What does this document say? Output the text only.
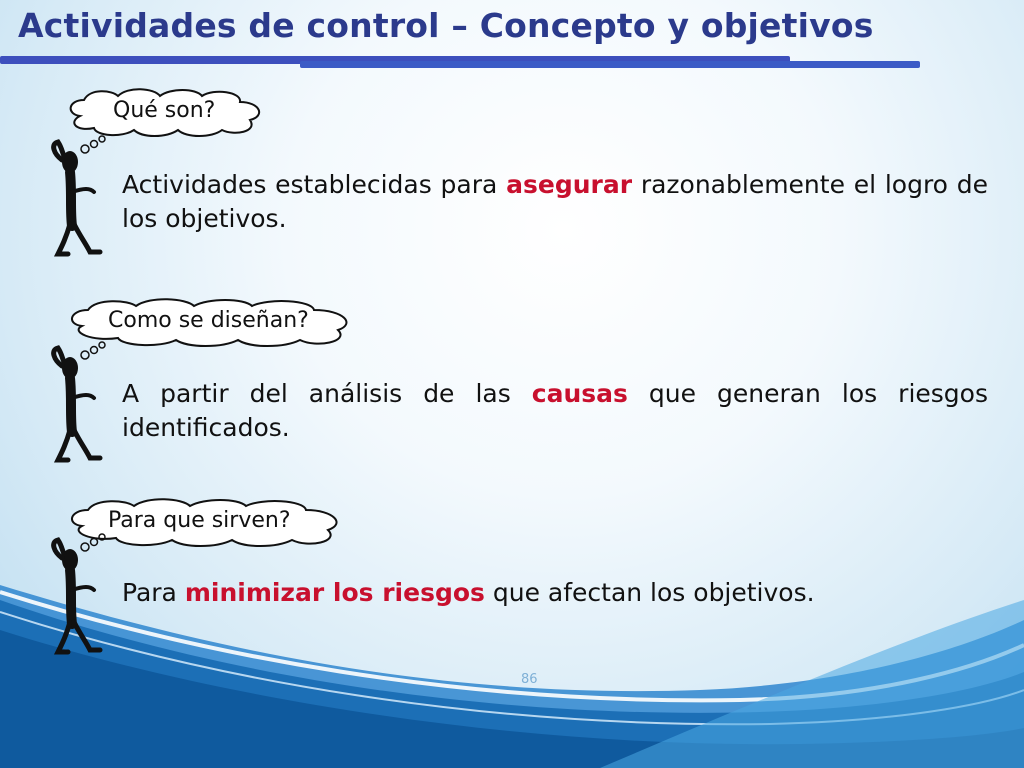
Actividades de control – Concepto y objetivos
Qué son?

Actividades establecidas para asegurar razonablemente el logro de los objetivos.

Como se diseñan?

A partir del análisis de las causas que generan los riesgos identificados.

Para que sirven?

Para minimizar los riesgos que afectan los objetivos.

86
